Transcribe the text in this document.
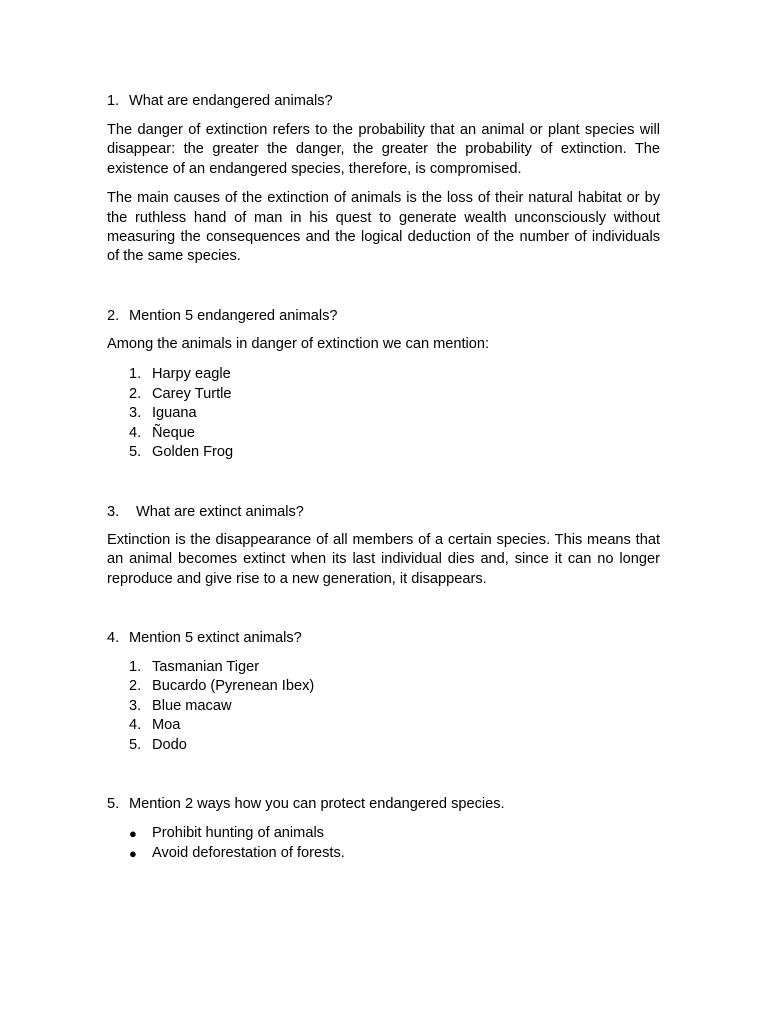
1. What are endangered animals?

The danger of extinction refers to the probability that an animal or plant species will disappear: the greater the danger, the greater the probability of extinction. The existence of an endangered species, therefore, is compromised.

The main causes of the extinction of animals is the loss of their natural habitat or by the ruthless hand of man in his quest to generate wealth unconsciously without measuring the consequences and the logical deduction of the number of individuals of the same species.

2. Mention 5 endangered animals?

Among the animals in danger of extinction we can mention:

1. Harpy eagle
2. Carey Turtle
3. Iguana
4. Ñeque
5. Golden Frog

3.	What are extinct animals?

Extinction is the disappearance of all members of a certain species. This means that an animal becomes extinct when its last individual dies and, since it can no longer reproduce and give rise to a new generation, it disappears.

4. Mention 5 extinct animals?

1. Tasmanian Tiger
2. Bucardo (Pyrenean Ibex)
3. Blue macaw
4. Moa
5. Dodo

5. Mention 2 ways how you can protect endangered species.

●	Prohibit hunting of animals
●	Avoid deforestation of forests.
